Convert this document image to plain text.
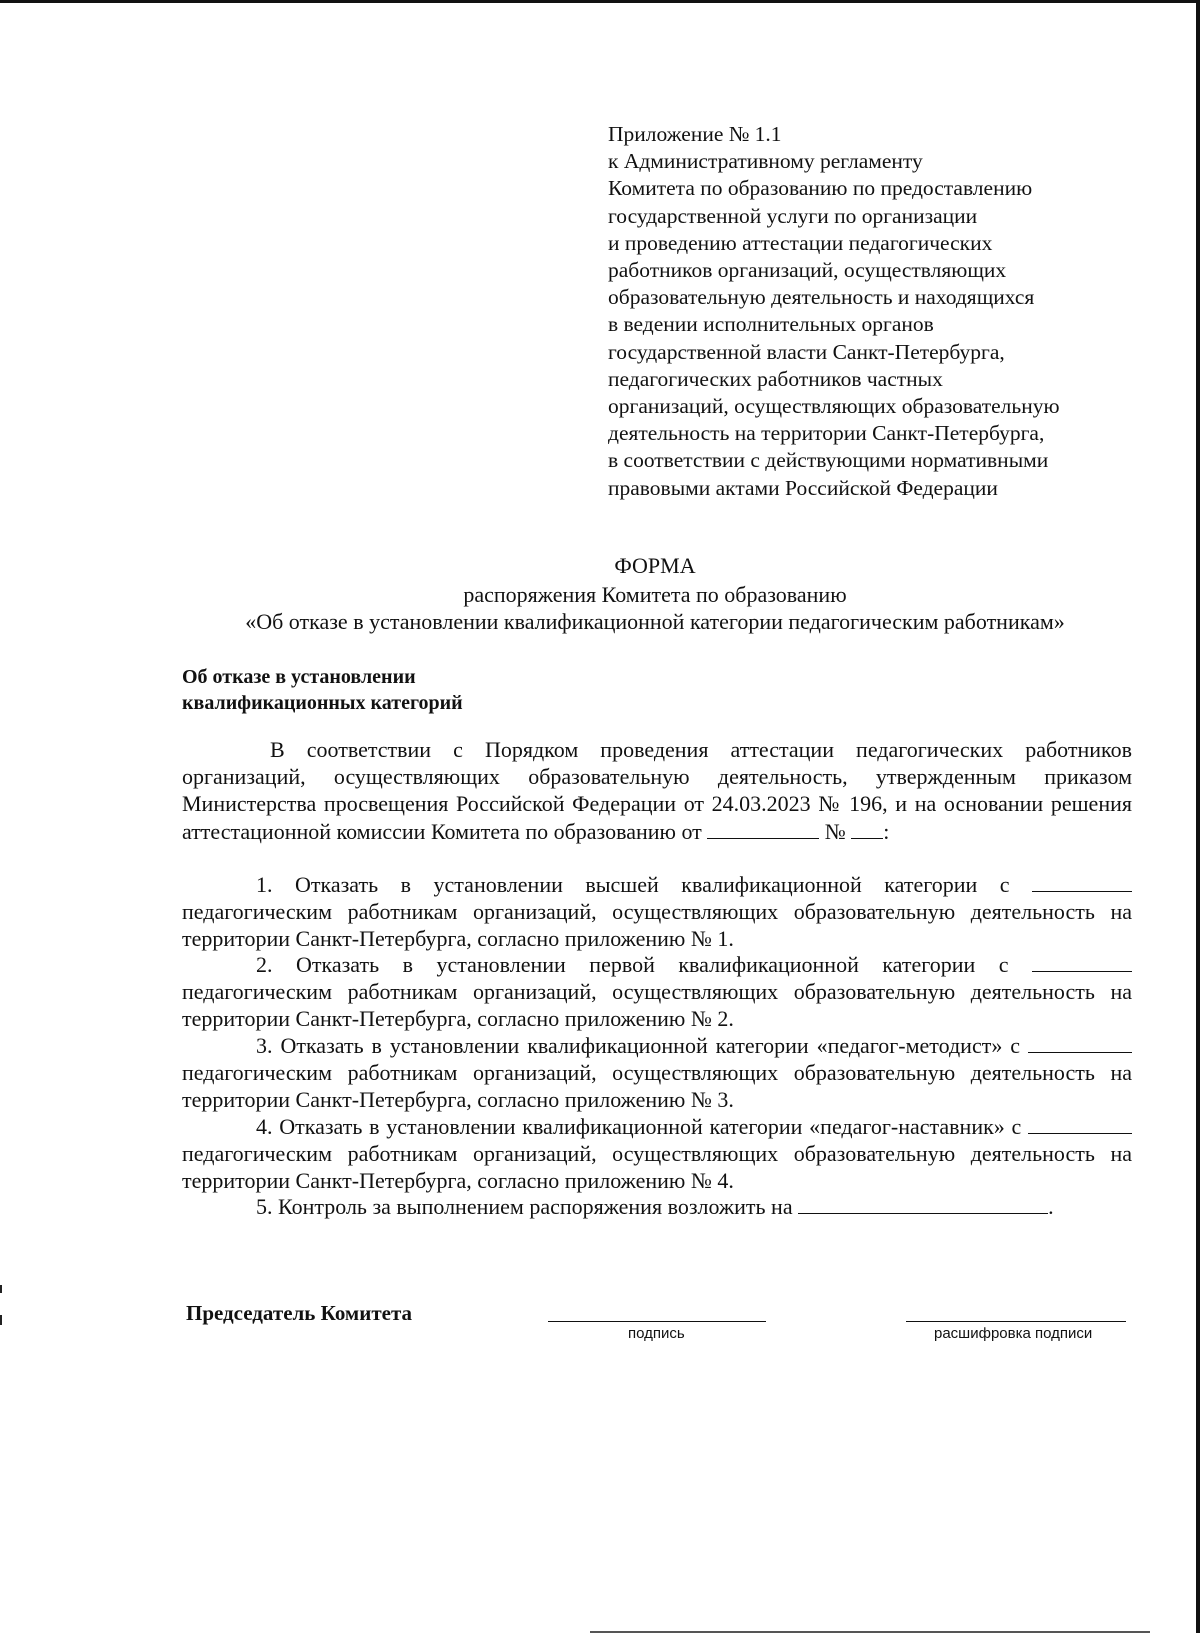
Приложение № 1.1
к Административному регламенту
Комитета по образованию по предоставлению
государственной услуги по организации
и проведению аттестации педагогических
работников организаций, осуществляющих
образовательную деятельность и находящихся
в ведении исполнительных органов
государственной власти Санкт-Петербурга,
педагогических работников частных
организаций, осуществляющих образовательную
деятельность на территории Санкт-Петербурга,
в соответствии с действующими нормативными
правовыми актами Российской Федерации
ФОРМА
распоряжения Комитета по образованию
«Об отказе в установлении квалификационной категории педагогическим работникам»
Об отказе в установлении
квалификационных категорий
В соответствии с Порядком проведения аттестации педагогических работников организаций, осуществляющих образовательную деятельность, утвержденным приказом Министерства просвещения Российской Федерации от 24.03.2023 № 196, и на основании решения аттестационной комиссии Комитета по образованию от	№ :
1. Отказать в установлении высшей квалификационной категории с  педагогическим работникам организаций, осуществляющих образовательную деятельность на территории Санкт-Петербурга, согласно приложению № 1.
2. Отказать в установлении первой квалификационной категории с  педагогическим работникам организаций, осуществляющих образовательную деятельность на территории Санкт-Петербурга, согласно приложению № 2.
3. Отказать в установлении квалификационной категории «педагог-методист» с  педагогическим работникам организаций, осуществляющих образовательную деятельность на территории Санкт-Петербурга, согласно приложению № 3.
4. Отказать в установлении квалификационной категории «педагог-наставник» с  педагогическим работникам организаций, осуществляющих образовательную деятельность на территории Санкт-Петербурга, согласно приложению № 4.
5. Контроль за выполнением распоряжения возложить на	.
Председатель Комитета
подпись	расшифровка подписи
